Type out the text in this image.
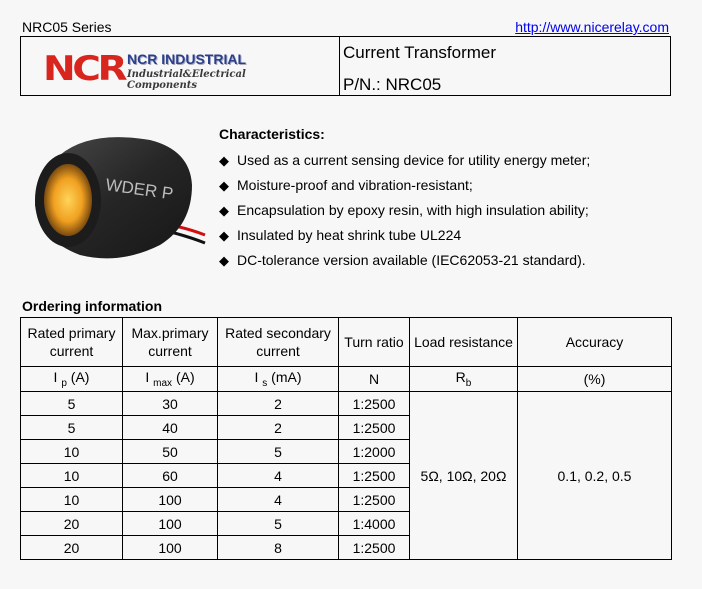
NRC05 Series	http://www.nicerelay.com
NCR NCR INDUSTRIAL
Industrial&Electrical Components
Current Transformer
P/N.: NRC05
WDER P
Characteristics:
◆ Used as a current sensing device for utility energy meter;
◆ Moisture-proof and vibration-resistant;
◆ Encapsulation by epoxy resin, with high insulation ability;
◆ Insulated by heat shrink tube UL224
◆ DC-tolerance version available (IEC62053-21 standard).
Ordering information
Rated primary current	Max.primary current	Rated secondary current	Turn ratio	Load resistance	Accuracy
I $_p$ (A)	I $_{max}$ (A)	I $_s$ (mA)	N	$R_b$	(%)
5	30	2	1:2500	5Ω, 10Ω, 20Ω	0.1, 0.2, 0.5
5	40	2	1:2500		
10	50	5	1:2000		
10	60	4	1:2500		
10	100	4	1:2500		
20	100	5	1:4000		
20	100	8	1:2500		
